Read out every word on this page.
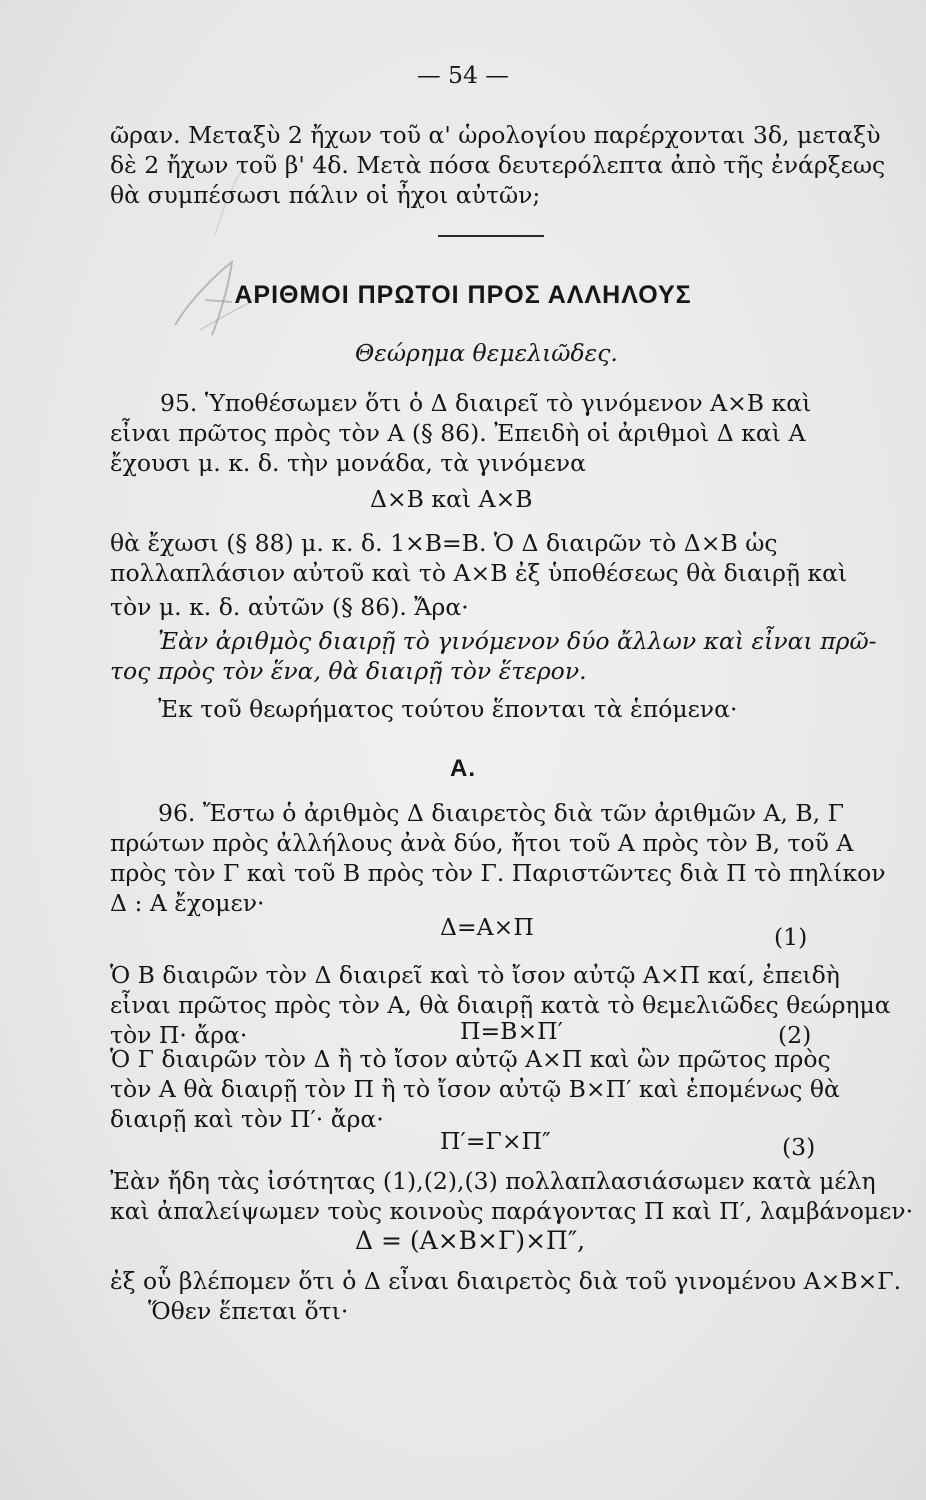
— 54 —
ῶραν. Μεταξὺ 2 ἤχων τοῦ α' ὡρολογίου παρέρχονται 3δ, μεταξὺ
δὲ 2 ἤχων τοῦ β' 4δ. Μετὰ πόσα δευτερόλεπτα ἀπὸ τῆς ἐνάρξεως
θὰ συμπέσωσι πάλιν οἱ ἦχοι αὐτῶν;
ΑΡΙΘΜΟΙ ΠΡΩΤΟΙ ΠΡΟΣ ΑΛΛΗΛΟΥΣ
Θεώρημα θεμελιῶδες.
95. Ὑποθέσωμεν ὅτι ὁ Δ διαιρεῖ τὸ γινόμενον Α×Β καὶ
εἶναι πρῶτος πρὸς τὸν Α (§ 86). Ἐπειδὴ οἱ ἀριθμοὶ Δ καὶ Α
ἔχουσι μ. κ. δ. τὴν μονάδα, τὰ γινόμενα
Δ×Β καὶ Α×Β
θὰ ἔχωσι (§ 88) μ. κ. δ. 1×Β=Β. Ὁ Δ διαιρῶν τὸ Δ×Β ὡς
πολλαπλάσιον αὐτοῦ καὶ τὸ Α×Β ἐξ ὑποθέσεως θὰ διαιρῇ καὶ
τὸν μ. κ. δ. αὐτῶν (§ 86). Ἄρα·
Ἐὰν ἀριθμὸς διαιρῇ τὸ γινόμενον δύο ἄλλων καὶ εἶναι πρῶ-
τος πρὸς τὸν ἕνα, θὰ διαιρῇ τὸν ἕτερον.
Ἐκ τοῦ θεωρήματος τούτου ἕπονται τὰ ἑπόμενα·
Α.
96. Ἔστω ὁ ἀριθμὸς Δ διαιρετὸς διὰ τῶν ἀριθμῶν Α, Β, Γ
πρώτων πρὸς ἀλλήλους ἀνὰ δύο, ἤτοι τοῦ Α πρὸς τὸν Β, τοῦ Α
πρὸς τὸν Γ καὶ τοῦ Β πρὸς τὸν Γ. Παριστῶντες διὰ Π τὸ πηλίκον
Δ : Α ἔχομεν·
Δ=Α×Π	(1)
Ὁ Β διαιρῶν τὸν Δ διαιρεῖ καὶ τὸ ἴσον αὐτῷ Α×Π καί, ἐπειδὴ
εἶναι πρῶτος πρὸς τὸν Α, θὰ διαιρῇ κατὰ τὸ θεμελιῶδες θεώρημα
τὸν Π· ἄρα·	Π=Β×Π′	(2)
Ὁ Γ διαιρῶν τὸν Δ ἢ τὸ ἴσον αὐτῷ Α×Π καὶ ὢν πρῶτος πρὸς
τὸν Α θὰ διαιρῇ τὸν Π ἢ τὸ ἴσον αὐτῷ Β×Π′ καὶ ἑπομένως θὰ
διαιρῇ καὶ τὸν Π′· ἄρα·
Π′=Γ×Π″	(3)
Ἐὰν ἤδη τὰς ἰσότητας (1),(2),(3) πολλαπλασιάσωμεν κατὰ μέλη
καὶ ἀπαλείψωμεν τοὺς κοινοὺς παράγοντας Π καὶ Π′, λαμβάνομεν·
Δ = (Α×Β×Γ)×Π″,
ἐξ οὗ βλέπομεν ὅτι ὁ Δ εἶναι διαιρετὸς διὰ τοῦ γινομένου Α×Β×Γ.
Ὅθεν ἕπεται ὅτι·
